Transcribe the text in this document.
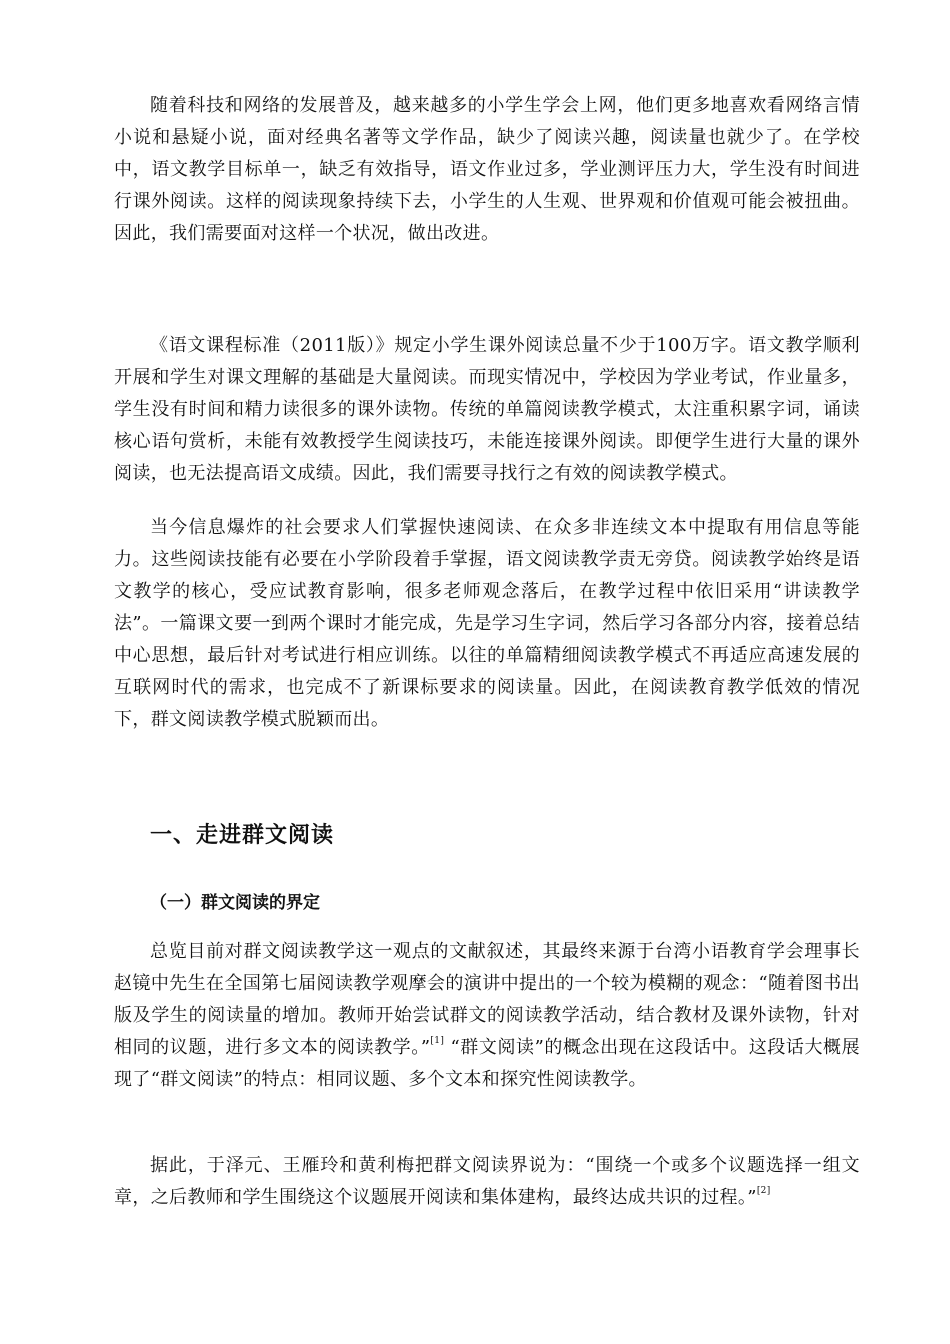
随着科技和网络的发展普及，越来越多的小学生学会上网，他们更多地喜欢看网络言情小说和悬疑小说，面对经典名著等文学作品，缺少了阅读兴趣，阅读量也就少了。在学校中，语文教学目标单一，缺乏有效指导，语文作业过多，学业测评压力大，学生没有时间进行课外阅读。这样的阅读现象持续下去，小学生的人生观、世界观和价值观可能会被扭曲。因此，我们需要面对这样一个状况，做出改进。

《语文课程标准（2011版）》规定小学生课外阅读总量不少于100万字。语文教学顺利开展和学生对课文理解的基础是大量阅读。而现实情况中，学校因为学业考试，作业量多，学生没有时间和精力读很多的课外读物。传统的单篇阅读教学模式，太注重积累字词，诵读核心语句赏析，未能有效教授学生阅读技巧，未能连接课外阅读。即便学生进行大量的课外阅读，也无法提高语文成绩。因此，我们需要寻找行之有效的阅读教学模式。

当今信息爆炸的社会要求人们掌握快速阅读、在众多非连续文本中提取有用信息等能力。这些阅读技能有必要在小学阶段着手掌握，语文阅读教学责无旁贷。阅读教学始终是语文教学的核心，受应试教育影响，很多老师观念落后，在教学过程中依旧采用“讲读教学法”。一篇课文要一到两个课时才能完成，先是学习生字词，然后学习各部分内容，接着总结中心思想，最后针对考试进行相应训练。以往的单篇精细阅读教学模式不再适应高速发展的互联网时代的需求，也完成不了新课标要求的阅读量。因此，在阅读教育教学低效的情况下，群文阅读教学模式脱颖而出。

一、走进群文阅读
（一）群文阅读的界定

总览目前对群文阅读教学这一观点的文献叙述，其最终来源于台湾小语教育学会理事长赵镜中先生在全国第七届阅读教学观摩会的演讲中提出的一个较为模糊的观念：“随着图书出版及学生的阅读量的增加。教师开始尝试群文的阅读教学活动，结合教材及课外读物，针对相同的议题，进行多文本的阅读教学。”[1] “群文阅读”的概念出现在这段话中。这段话大概展现了“群文阅读”的特点：相同议题、多个文本和探究性阅读教学。

据此，于泽元、王雁玲和黄利梅把群文阅读界说为：“围绕一个或多个议题选择一组文章，之后教师和学生围绕这个议题展开阅读和集体建构，最终达成共识的过程。”[2]
